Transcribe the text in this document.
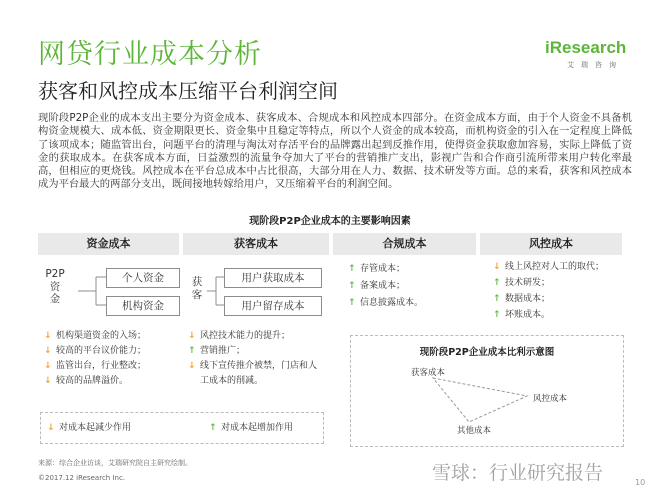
网贷行业成本分析
获客和风控成本压缩平台利润空间
iResearch
艾瑞咨询
现阶段P2P企业的成本支出主要分为资金成本、获客成本、合规成本和风控成本四部分。在资金成本方面，由于个人资金不具备机构资金规模大、成本低、资金期限更长、资金集中且稳定等特点，所以个人资金的成本较高，而机构资金的引入在一定程度上降低了该项成本；随监管出台，问题平台的清理与淘汰对存活平台的品牌露出起到反推作用，使得资金获取愈加容易，实际上降低了资金的获取成本。在获客成本方面，日益激烈的流量争夺加大了平台的营销推广支出，影视广告和合作商引流所带来用户转化率最高，但相应的更烧钱。风控成本在平台总成本中占比很高，大部分用在人力、数据、技术研发等方面。总的来看，获客和风控成本成为平台最大的两部分支出，既间接地转嫁给用户，又压缩着平台的利润空间。
现阶段P2P企业成本的主要影响因素
资金成本	获客成本	合规成本	风控成本
P2P
资
金
个人资金
机构资金
↓ 机构渠道资金的入场；
↓ 较高的平台议价能力；
↓ 监管出台，行业整改；
↓ 较高的品牌溢价。
获
客
用户获取成本
用户留存成本
↓ 风控技术能力的提升；
↑ 营销推广；
↓ 线下宣传推介被禁，门店和人
工成本的削减。
↑ 存管成本；
↑ 备案成本；
↑ 信息披露成本。
↓ 线上风控对人工的取代；
↑ 技术研发；
↑ 数据成本；
↑ 坏账成本。
↓ 对成本起减少作用	↑ 对成本起增加作用
现阶段P2P企业成本比利示意图
获客成本
风控成本
其他成本
来源：综合企业访谈，艾瑞研究院自主研究绘制。
©2017.12 iResearch Inc.	雪球：行业研究报告	10
